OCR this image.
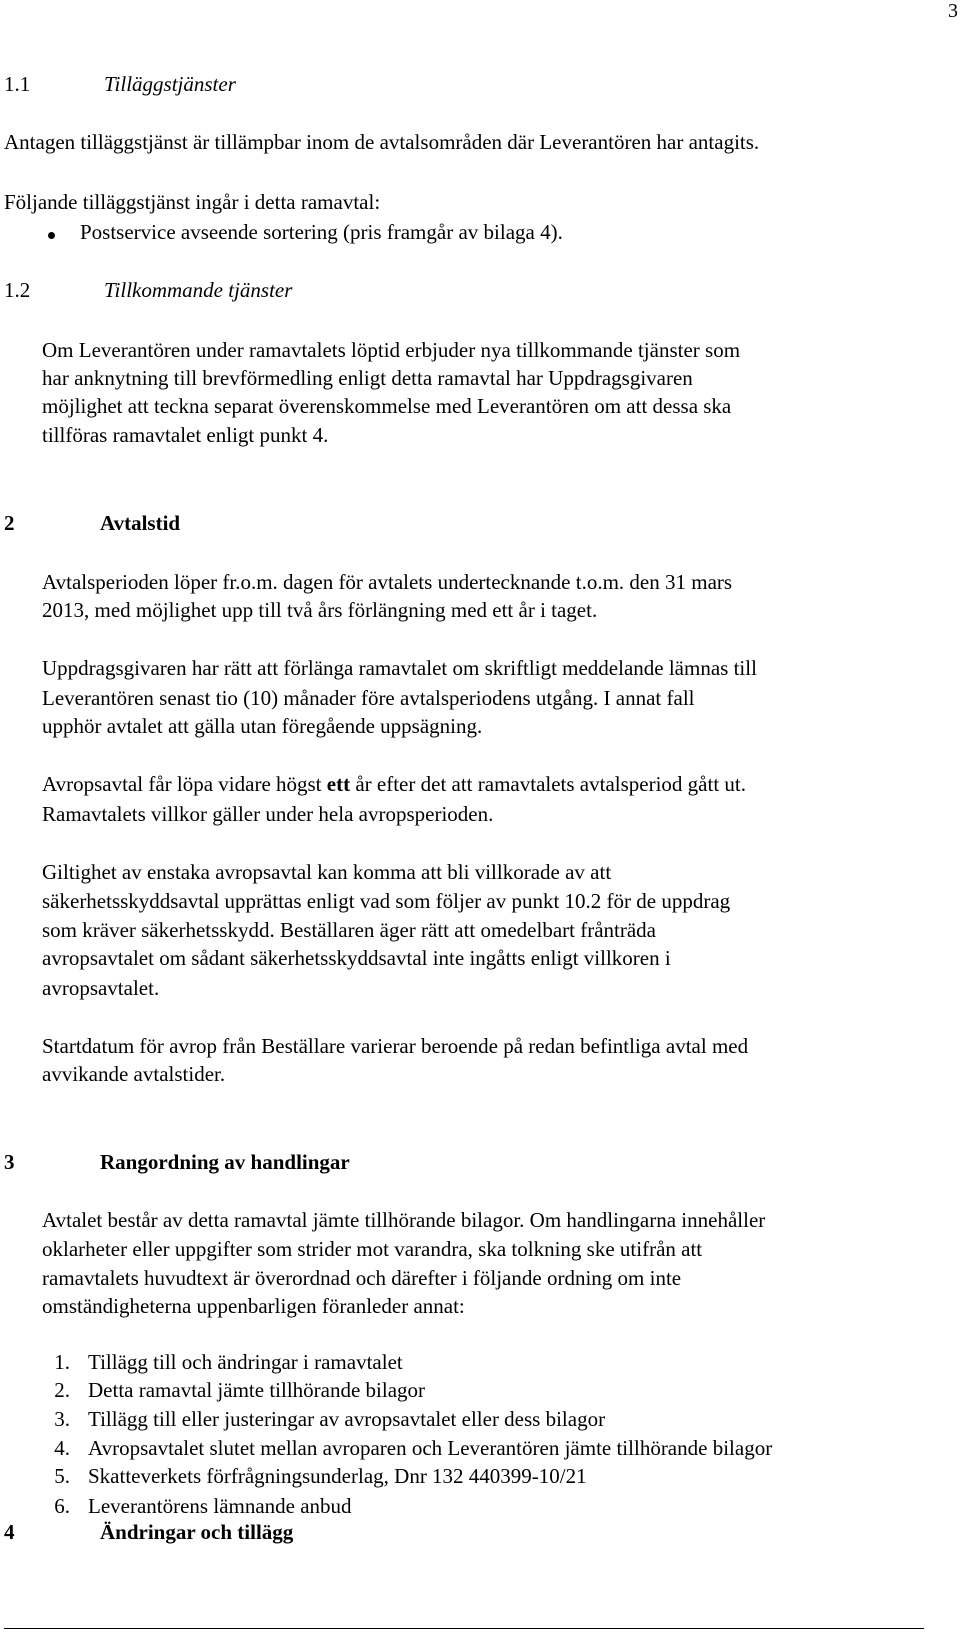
3
1.1	Tilläggstjänster
Antagen tilläggstjänst är tillämpbar inom de avtalsområden där Leverantören har antagits.
Följande tilläggstjänst ingår i detta ramavtal:
Postservice avseende sortering (pris framgår av bilaga 4).
1.2	Tillkommande tjänster
Om Leverantören under ramavtalets löptid erbjuder nya tillkommande tjänster som
har anknytning till brevförmedling enligt detta ramavtal har Uppdragsgivaren
möjlighet att teckna separat överenskommelse med Leverantören om att dessa ska
tillföras ramavtalet enligt punkt 4.
2	Avtalstid
Avtalsperioden löper fr.o.m. dagen för avtalets undertecknande t.o.m. den 31 mars
2013, med möjlighet upp till två års förlängning med ett år i taget.
Uppdragsgivaren har rätt att förlänga ramavtalet om skriftligt meddelande lämnas till
Leverantören senast tio (10) månader före avtalsperiodens utgång. I annat fall
upphör avtalet att gälla utan föregående uppsägning.
Avropsavtal får löpa vidare högst ett år efter det att ramavtalets avtalsperiod gått ut.
Ramavtalets villkor gäller under hela avropsperioden.
Giltighet av enstaka avropsavtal kan komma att bli villkorade av att
säkerhetsskyddsavtal upprättas enligt vad som följer av punkt 10.2 för de uppdrag
som kräver säkerhetsskydd. Beställaren äger rätt att omedelbart frånträda
avropsavtalet om sådant säkerhetsskyddsavtal inte ingåtts enligt villkoren i
avropsavtalet.
Startdatum för avrop från Beställare varierar beroende på redan befintliga avtal med
avvikande avtalstider.
3	Rangordning av handlingar
Avtalet består av detta ramavtal jämte tillhörande bilagor. Om handlingarna innehåller
oklarheter eller uppgifter som strider mot varandra, ska tolkning ske utifrån att
ramavtalets huvudtext är överordnad och därefter i följande ordning om inte
omständigheterna uppenbarligen föranleder annat:
1. Tillägg till och ändringar i ramavtalet
2. Detta ramavtal jämte tillhörande bilagor
3. Tillägg till eller justeringar av avropsavtalet eller dess bilagor
4. Avropsavtalet slutet mellan avroparen och Leverantören jämte tillhörande bilagor
5. Skatteverkets förfrågningsunderlag, Dnr 132 440399-10/21
6. Leverantörens lämnande anbud
4	Ändringar och tillägg
